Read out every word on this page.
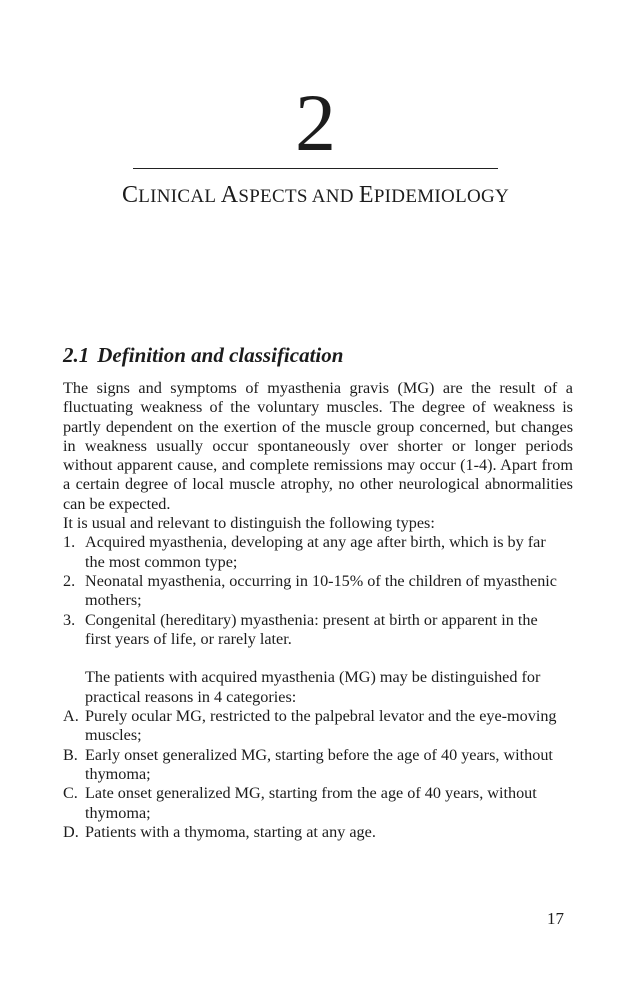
2
CLINICAL ASPECTS AND EPIDEMIOLOGY
2.1 Definition and classification

The signs and symptoms of myasthenia gravis (MG) are the result of a fluctuating weakness of the voluntary muscles. The degree of weakness is partly dependent on the exertion of the muscle group concerned, but changes in weakness usually occur spontaneously over shorter or longer periods without apparent cause, and complete remissions may occur (1-4). Apart from a certain degree of local muscle atrophy, no other neurological abnormalities can be expected.

It is usual and relevant to distinguish the following types:

1. Acquired myasthenia, developing at any age after birth, which is by far the most common type;
2. Neonatal myasthenia, occurring in 10-15% of the children of myasthenic mothers;
3. Congenital (hereditary) myasthenia: present at birth or apparent in the first years of life, or rarely later.

The patients with acquired myasthenia (MG) may be distinguished for practical reasons in 4 categories:

A. Purely ocular MG, restricted to the palpebral levator and the eye-moving muscles;
B. Early onset generalized MG, starting before the age of 40 years, without thymoma;
C. Late onset generalized MG, starting from the age of 40 years, without thymoma;
D. Patients with a thymoma, starting at any age.
17
